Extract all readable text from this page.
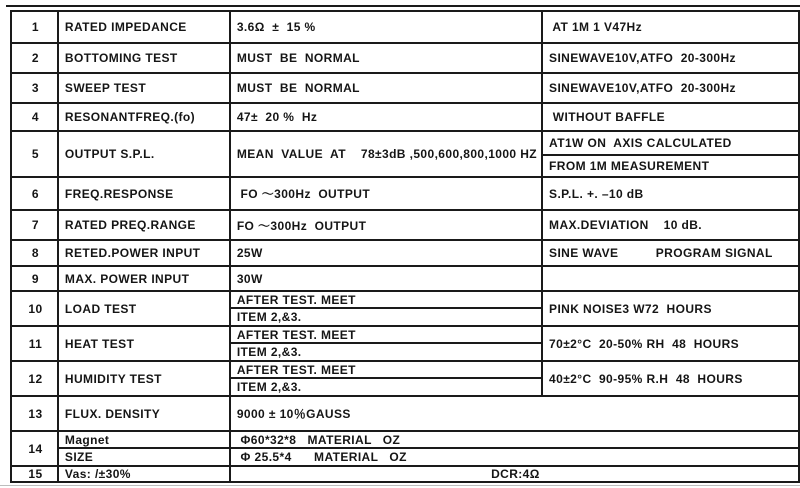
1	RATED IMPEDANCE	3.6Ω  ±  15 %	AT 1M 1 V47Hz
2	BOTTOMING TEST	MUST  BE  NORMAL	SINEWAVE10V,ATFO  20-300Hz
3	SWEEP TEST	MUST  BE  NORMAL	SINEWAVE10V,ATFO  20-300Hz
4	RESONANTFREQ.(fo)	47±  20 %  Hz	WITHOUT BAFFLE
5	OUTPUT S.P.L.	MEAN  VALUE  AT    78±3dB ,500,600,800,1000 HZ	AT1W ON  AXIS CALCULATED
			FROM 1M MEASUREMENT
6	FREQ.RESPONSE	FO ～300Hz  OUTPUT	S.P.L. +. –10 dB
7	RATED PREQ.RANGE	FO ～300Hz  OUTPUT	MAX.DEVIATION    10 dB.
8	RETED.POWER INPUT	25W	SINE WAVE          PROGRAM SIGNAL
9	MAX. POWER INPUT	30W	
10	LOAD TEST	AFTER TEST. MEET	PINK NOISE3 W72  HOURS
		ITEM 2,&3.	
11	HEAT TEST	AFTER TEST. MEET	70±2°C  20-50% RH  48  HOURS
		ITEM 2,&3.	
12	HUMIDITY TEST	AFTER TEST. MEET	40±2°C  90-95% R.H  48  HOURS
		ITEM 2,&3.	
13	FLUX. DENSITY	9000 ± 10％GAUSS	
14	Magnet	Φ60*32*8   MATERIAL   OZ	
	SIZE	Φ 25.5*4      MATERIAL   OZ	
15	Vas: /±30%	DCR:4Ω	
